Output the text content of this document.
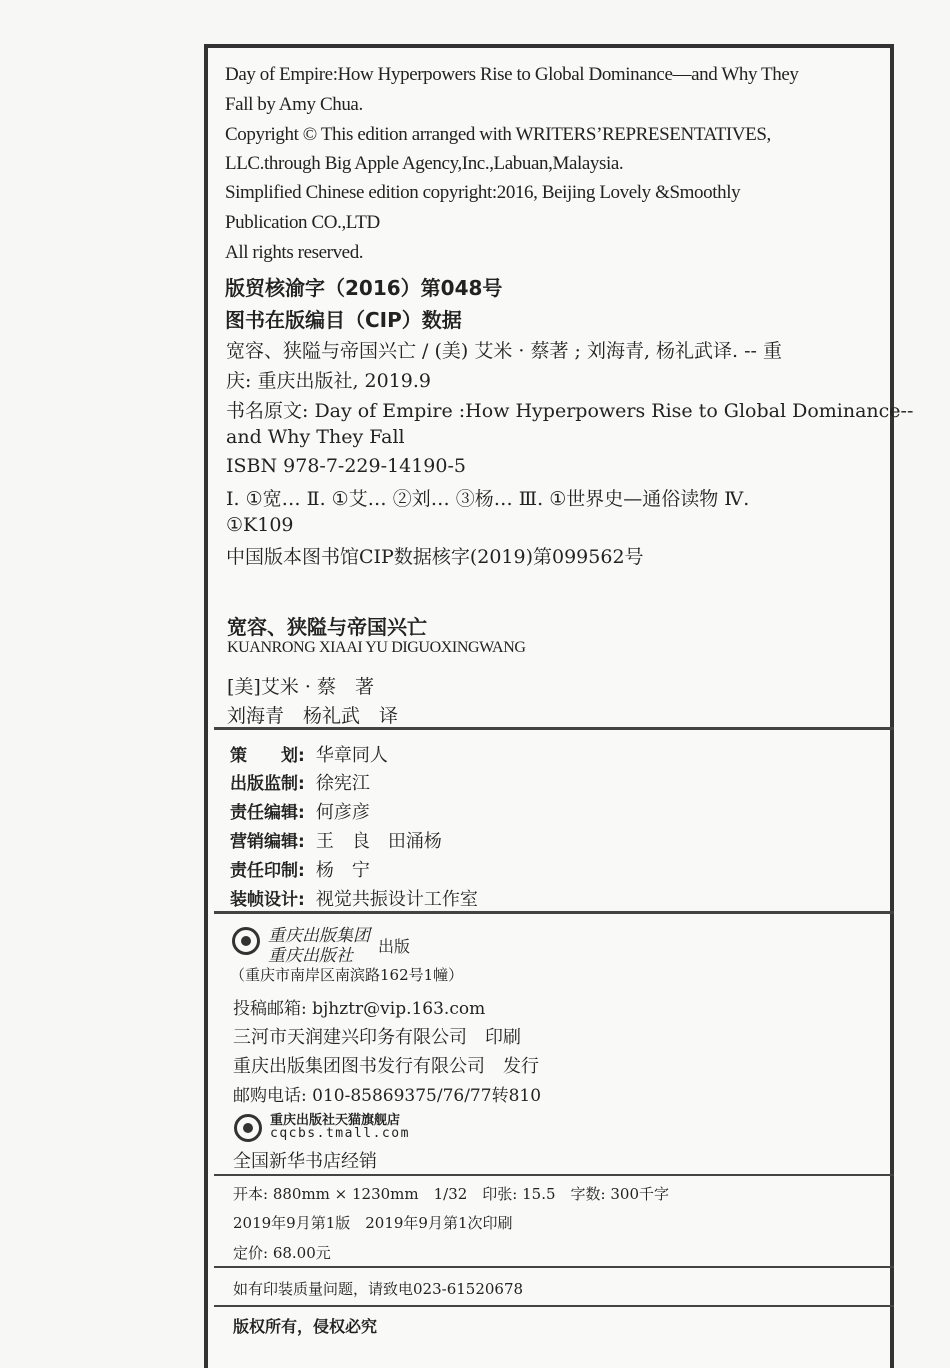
Day of Empire:How Hyperpowers Rise to Global Dominance—and Why They
Fall by Amy Chua.
Copyright © This edition arranged with WRITERS’REPRESENTATIVES,
LLC.through Big Apple Agency,Inc.,Labuan,Malaysia.
Simplified Chinese edition copyright:2016, Beijing Lovely &Smoothly
Publication CO.,LTD
All rights reserved.
版贸核渝字（2016）第048号
图书在版编目（CIP）数据
宽容、狭隘与帝国兴亡 / (美) 艾米 · 蔡著 ; 刘海青, 杨礼武译. -- 重
庆: 重庆出版社, 2019.9
书名原文: Day of Empire :How Hyperpowers Rise to Global Dominance--
and Why They Fall
ISBN 978-7-229-14190-5
Ⅰ. ①宽… Ⅱ. ①艾… ②刘… ③杨… Ⅲ. ①世界史—通俗读物 Ⅳ.
①K109
中国版本图书馆CIP数据核字(2019)第099562号
宽容、狭隘与帝国兴亡
KUANRONG XIAAI YU DIGUOXINGWANG
[美]艾米 · 蔡　著
刘海青　杨礼武　译
策　　划: 华章同人
出版监制: 徐宪江
责任编辑: 何彦彦
营销编辑: 王　良　田涌杨
责任印制: 杨　宁
装帧设计: 视觉共振设计工作室
重庆出版集团
重庆出版社 出版
（重庆市南岸区南滨路162号1幢）
投稿邮箱: bjhztr@vip.163.com
三河市天润建兴印务有限公司　印刷
重庆出版集团图书发行有限公司　发行
邮购电话: 010-85869375/76/77转810
重庆出版社天猫旗舰店
cqcbs.tmall.com
全国新华书店经销
开本: 880mm × 1230mm　1/32　印张: 15.5　字数: 300千字
2019年9月第1版　2019年9月第1次印刷
定价: 68.00元
如有印装质量问题，请致电023-61520678
版权所有，侵权必究
